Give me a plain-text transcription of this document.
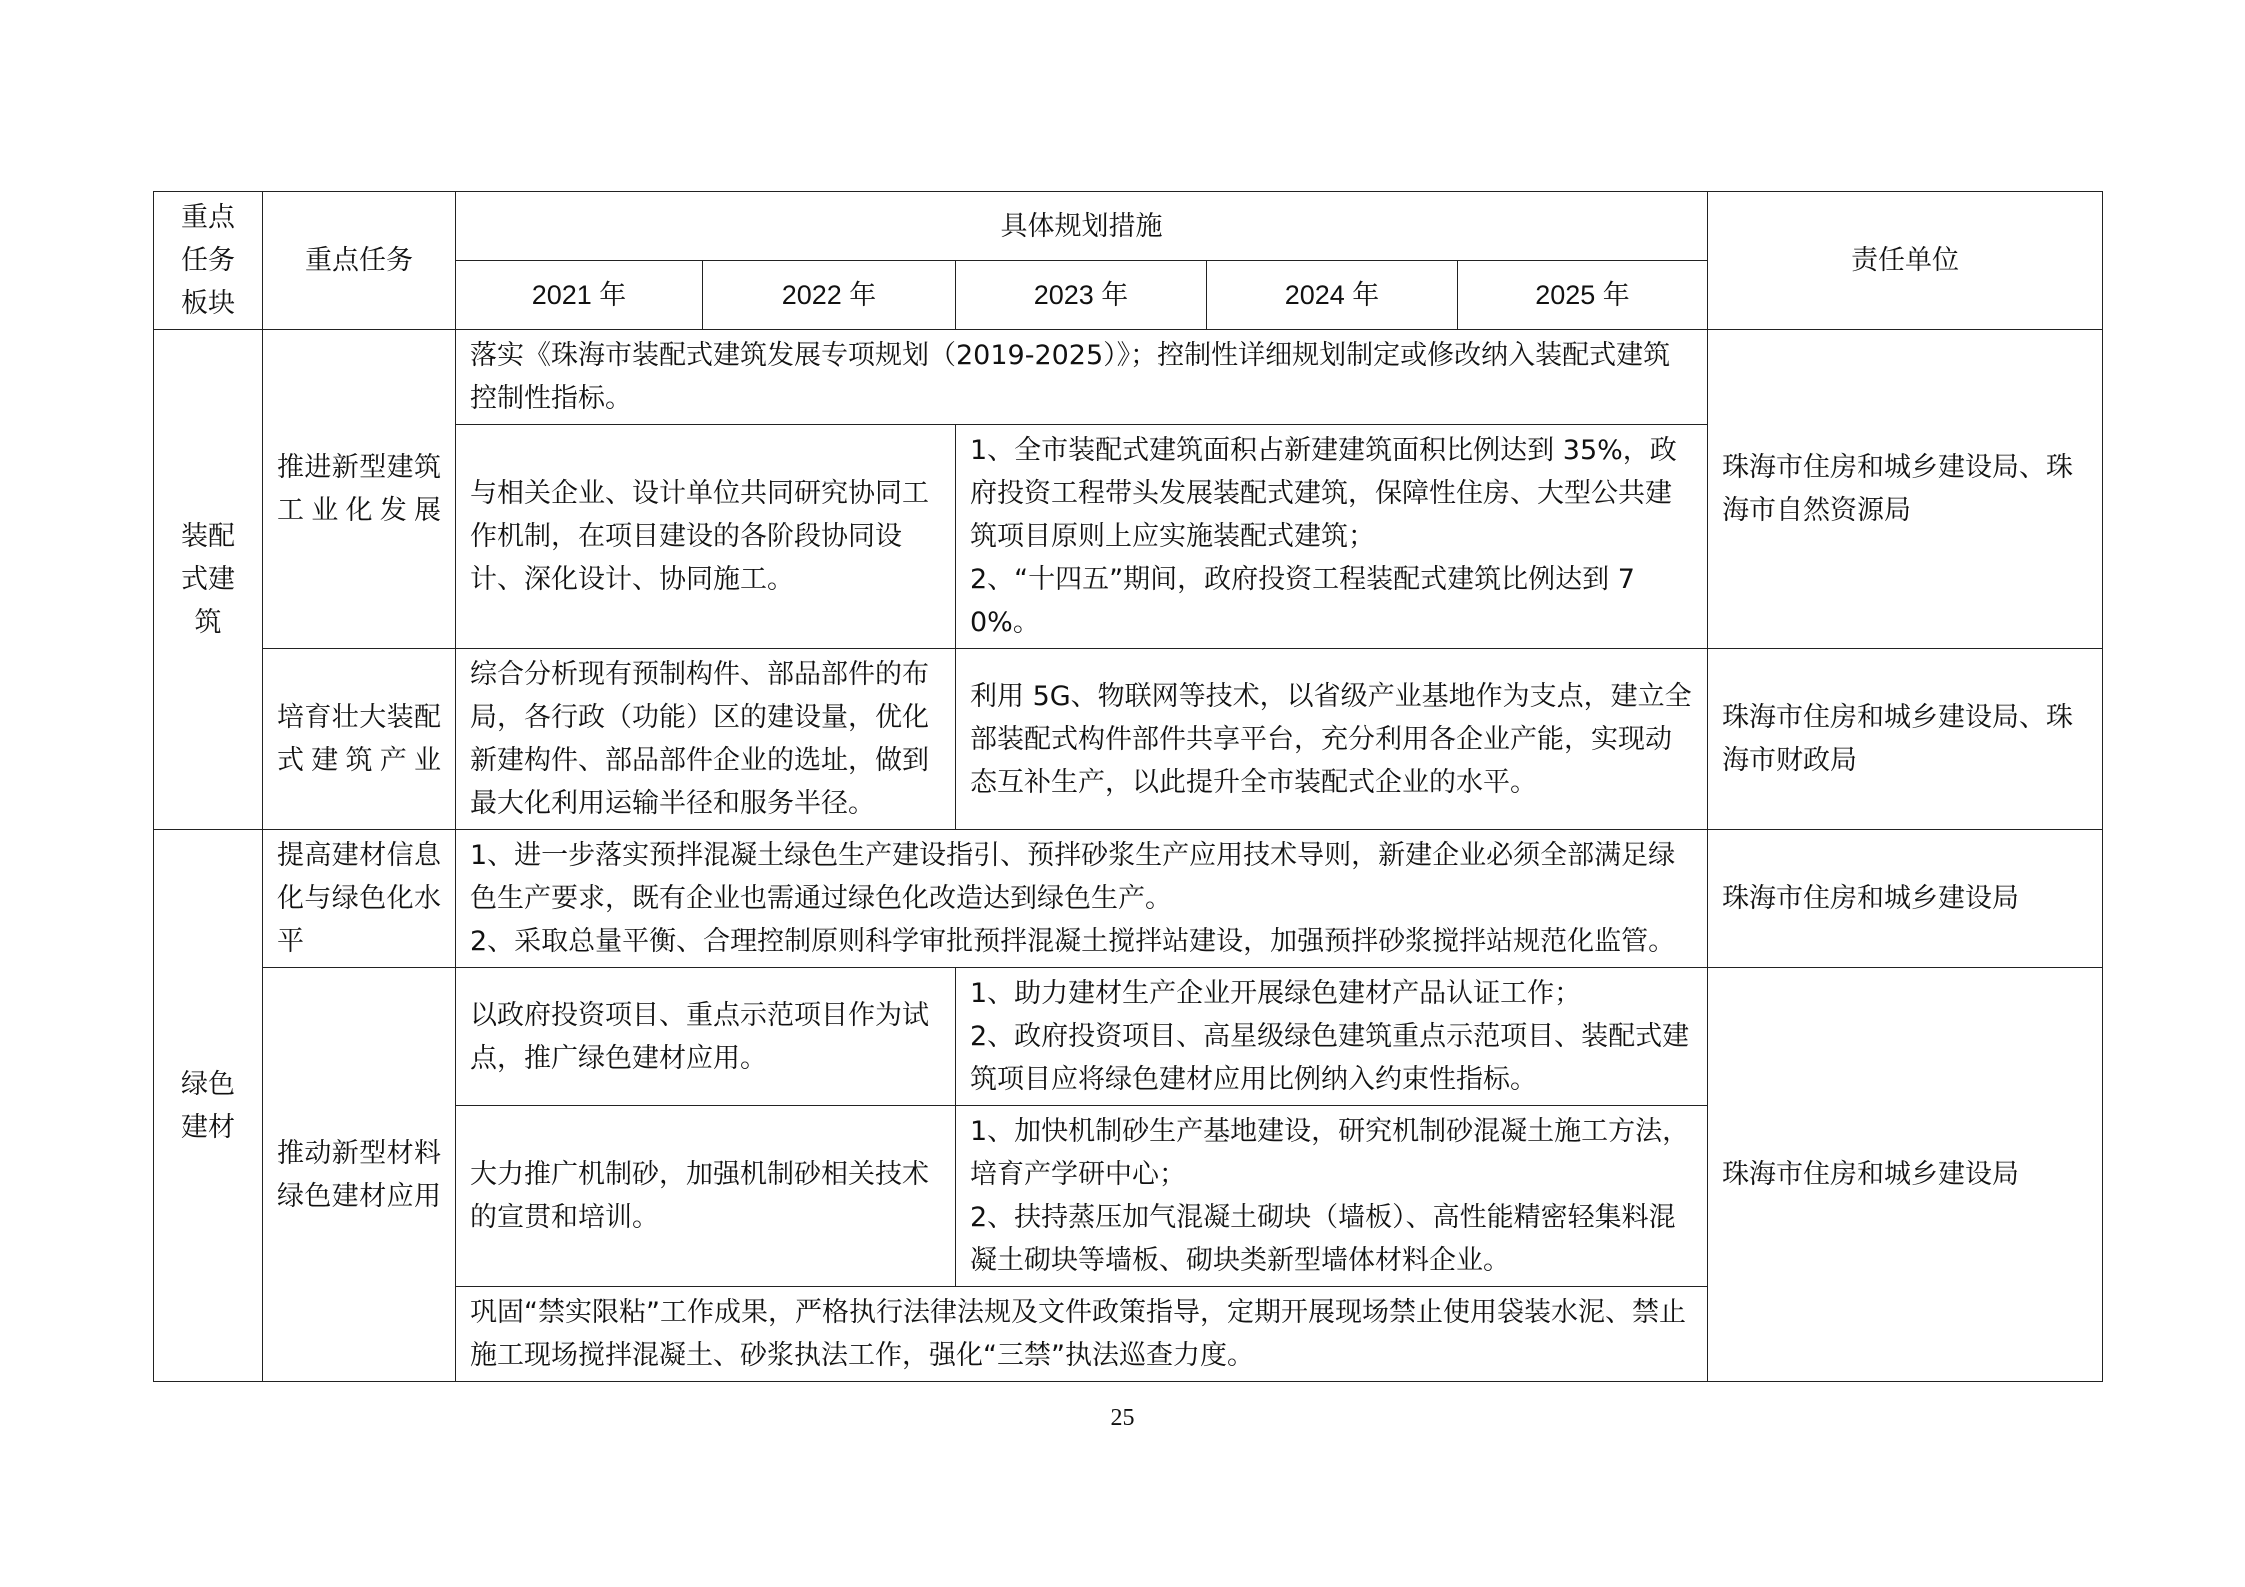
重点任务板块	重点任务	具体规划措施					责任单位
		2021 年	2022 年	2023 年	2024 年	2025 年	
装配式建筑	推进新型建筑工业化发展	落实《珠海市装配式建筑发展专项规划（2019-2025）》；控制性详细规划制定或修改纳入装配式建筑控制性指标。					珠海市住房和城乡建设局、珠海市自然资源局
		与相关企业、设计单位共同研究协同工作机制，在项目建设的各阶段协同设计、深化设计、协同施工。		1、全市装配式建筑面积占新建建筑面积比例达到 35%，政府投资工程带头发展装配式建筑，保障性住房、大型公共建筑项目原则上应实施装配式建筑；
2、“十四五”期间，政府投资工程装配式建筑比例达到 70%。			

	培育壮大装配式建筑产业	综合分析现有预制构件、部品部件的布局，各行政（功能）区的建设量，优化新建构件、部品部件企业的选址，做到最大化利用运输半径和服务半径。		利用 5G、物联网等技术，以省级产业基地作为支点，建立全部装配式构件部件共享平台，充分利用各企业产能，实现动态互补生产，以此提升全市装配式企业的水平。			珠海市住房和城乡建设局、珠海市财政局
绿色建材	提高建材信息化与绿色化水平	1、进一步落实预拌混凝土绿色生产建设指引、预拌砂浆生产应用技术导则，新建企业必须全部满足绿色生产要求，既有企业也需通过绿色化改造达到绿色生产。
2、采取总量平衡、合理控制原则科学审批预拌混凝土搅拌站建设，加强预拌砂浆搅拌站规范化监管。					珠海市住房和城乡建设局
	推动新型材料绿色建材应用	以政府投资项目、重点示范项目作为试点，推广绿色建材应用。		1、助力建材生产企业开展绿色建材产品认证工作；
2、政府投资项目、高星级绿色建筑重点示范项目、装配式建筑项目应将绿色建材应用比例纳入约束性指标。			珠海市住房和城乡建设局
		大力推广机制砂，加强机制砂相关技术的宣贯和培训。		1、加快机制砂生产基地建设，研究机制砂混凝土施工方法，培育产学研中心；
2、扶持蒸压加气混凝土砌块（墙板）、高性能精密轻集料混凝土砌块等墙板、砌块类新型墙体材料企业。			

		巩固“禁实限粘”工作成果，严格执行法律法规及文件政策指导，定期开展现场禁止使用袋装水泥、禁止施工现场搅拌混凝土、砂浆执法工作，强化“三禁”执法巡查力度。					
25
